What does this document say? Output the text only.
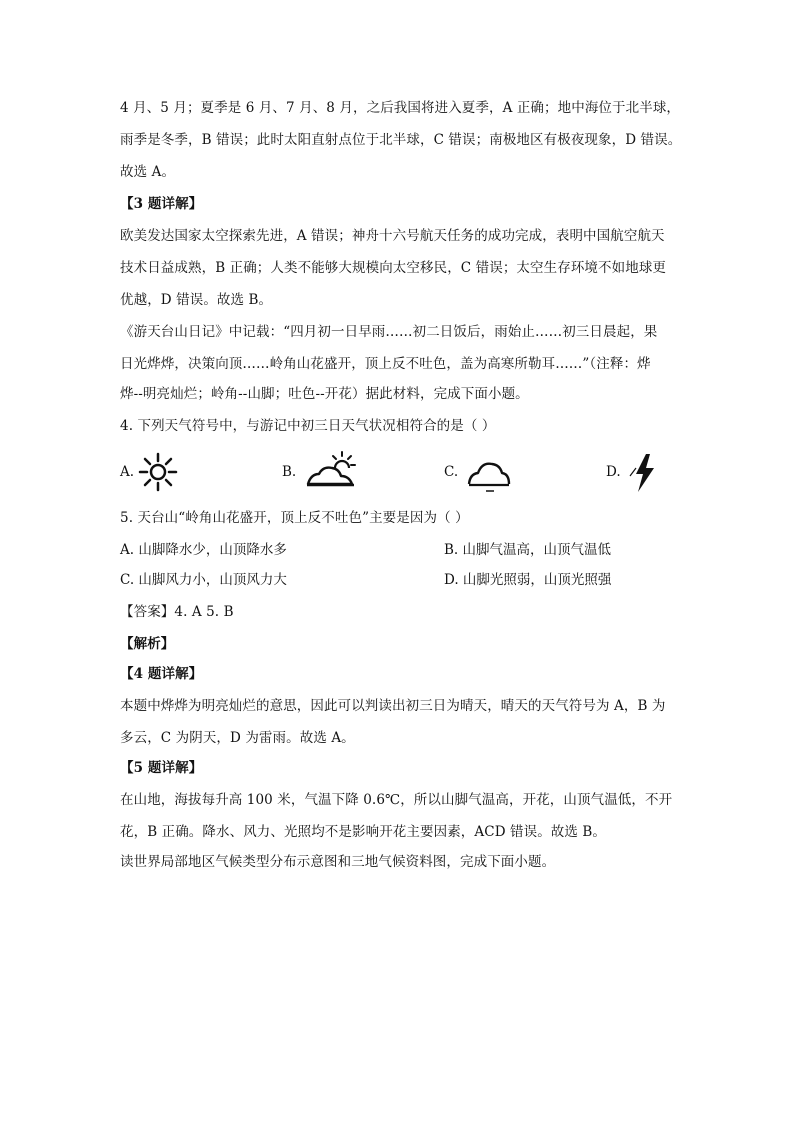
4 月、5 月；夏季是 6 月、7 月、8 月，之后我国将进入夏季，A 正确；地中海位于北半球，
雨季是冬季，B 错误；此时太阳直射点位于北半球，C 错误；南极地区有极夜现象，D 错误。
故选 A。
【3 题详解】
欧美发达国家太空探索先进，A 错误；神舟十六号航天任务的成功完成，表明中国航空航天
技术日益成熟，B 正确；人类不能够大规模向太空移民，C 错误；太空生存环境不如地球更
优越，D 错误。故选 B。
《游天台山日记》中记载：“四月初一日早雨……初二日饭后，雨始止……初三日晨起，果
日光烨烨，决策向顶……岭角山花盛开，顶上反不吐色，盖为高寒所勒耳……”（注释：烨
烨--明亮灿烂；岭角--山脚；吐色--开花）据此材料，完成下面小题。
4. 下列天气符号中，与游记中初三日天气状况相符合的是（ ）
A.	B.	C.	D.
5. 天台山“岭角山花盛开，顶上反不吐色”主要是因为（ ）
A. 山脚降水少，山顶降水多	B. 山脚气温高，山顶气温低
C. 山脚风力小，山顶风力大	D. 山脚光照弱，山顶光照强
【答案】4. A 5. B
【解析】
【4 题详解】
本题中烨烨为明亮灿烂的意思，因此可以判读出初三日为晴天，晴天的天气符号为 A，B 为
多云，C 为阴天，D 为雷雨。故选 A。
【5 题详解】
在山地，海拔每升高 100 米，气温下降 0.6℃，所以山脚气温高，开花，山顶气温低，不开
花，B 正确。降水、风力、光照均不是影响开花主要因素，ACD 错误。故选 B。
读世界局部地区气候类型分布示意图和三地气候资料图，完成下面小题。
